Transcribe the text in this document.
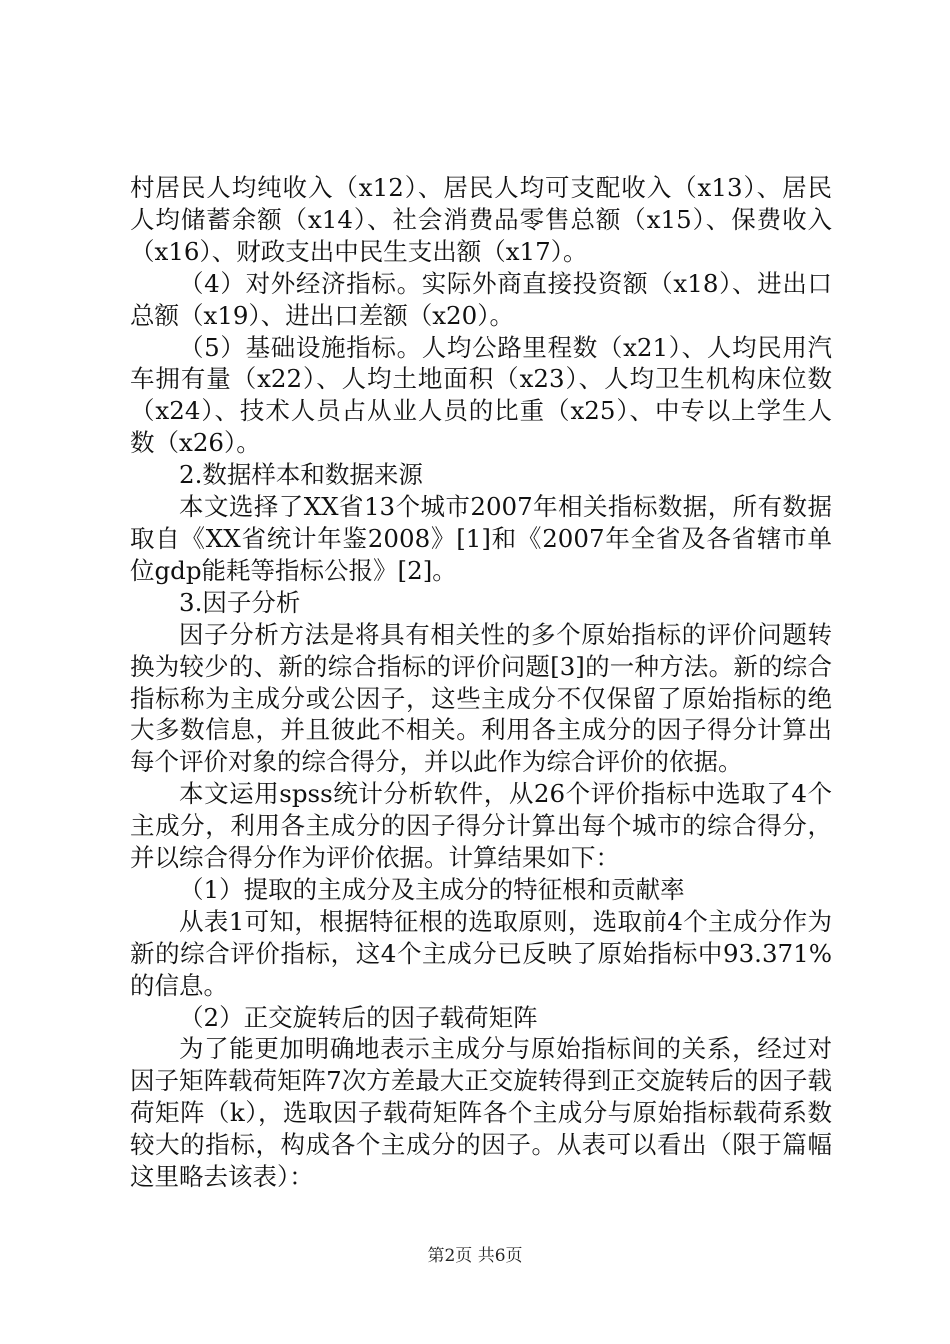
村居民人均纯收入（x12）、居民人均可支配收入（x13）、居民人均储蓄余额（x14）、社会消费品零售总额（x15）、保费收入（x16）、财政支出中民生支出额（x17）。

（4）对外经济指标。实际外商直接投资额（x18）、进出口总额（x19）、进出口差额（x20）。

（5）基础设施指标。人均公路里程数（x21）、人均民用汽车拥有量（x22）、人均土地面积（x23）、人均卫生机构床位数（x24）、技术人员占从业人员的比重（x25）、中专以上学生人数（x26）。

2.数据样本和数据来源

本文选择了XX省13个城市2007年相关指标数据，所有数据取自《XX省统计年鉴2008》[1]和《2007年全省及各省辖市单位gdp能耗等指标公报》[2]。

3.因子分析

因子分析方法是将具有相关性的多个原始指标的评价问题转换为较少的、新的综合指标的评价问题[3]的一种方法。新的综合指标称为主成分或公因子，这些主成分不仅保留了原始指标的绝大多数信息，并且彼此不相关。利用各主成分的因子得分计算出每个评价对象的综合得分，并以此作为综合评价的依据。

本文运用spss统计分析软件，从26个评价指标中选取了4个主成分，利用各主成分的因子得分计算出每个城市的综合得分，并以综合得分作为评价依据。计算结果如下：

（1）提取的主成分及主成分的特征根和贡献率

从表1可知，根据特征根的选取原则，选取前4个主成分作为新的综合评价指标，这4个主成分已反映了原始指标中93.371%的信息。

（2）正交旋转后的因子载荷矩阵

为了能更加明确地表示主成分与原始指标间的关系，经过对因子矩阵载荷矩阵7次方差最大正交旋转得到正交旋转后的因子载荷矩阵（k），选取因子载荷矩阵各个主成分与原始指标载荷系数较大的指标，构成各个主成分的因子。从表可以看出（限于篇幅这里略去该表）：

第2页 共6页
